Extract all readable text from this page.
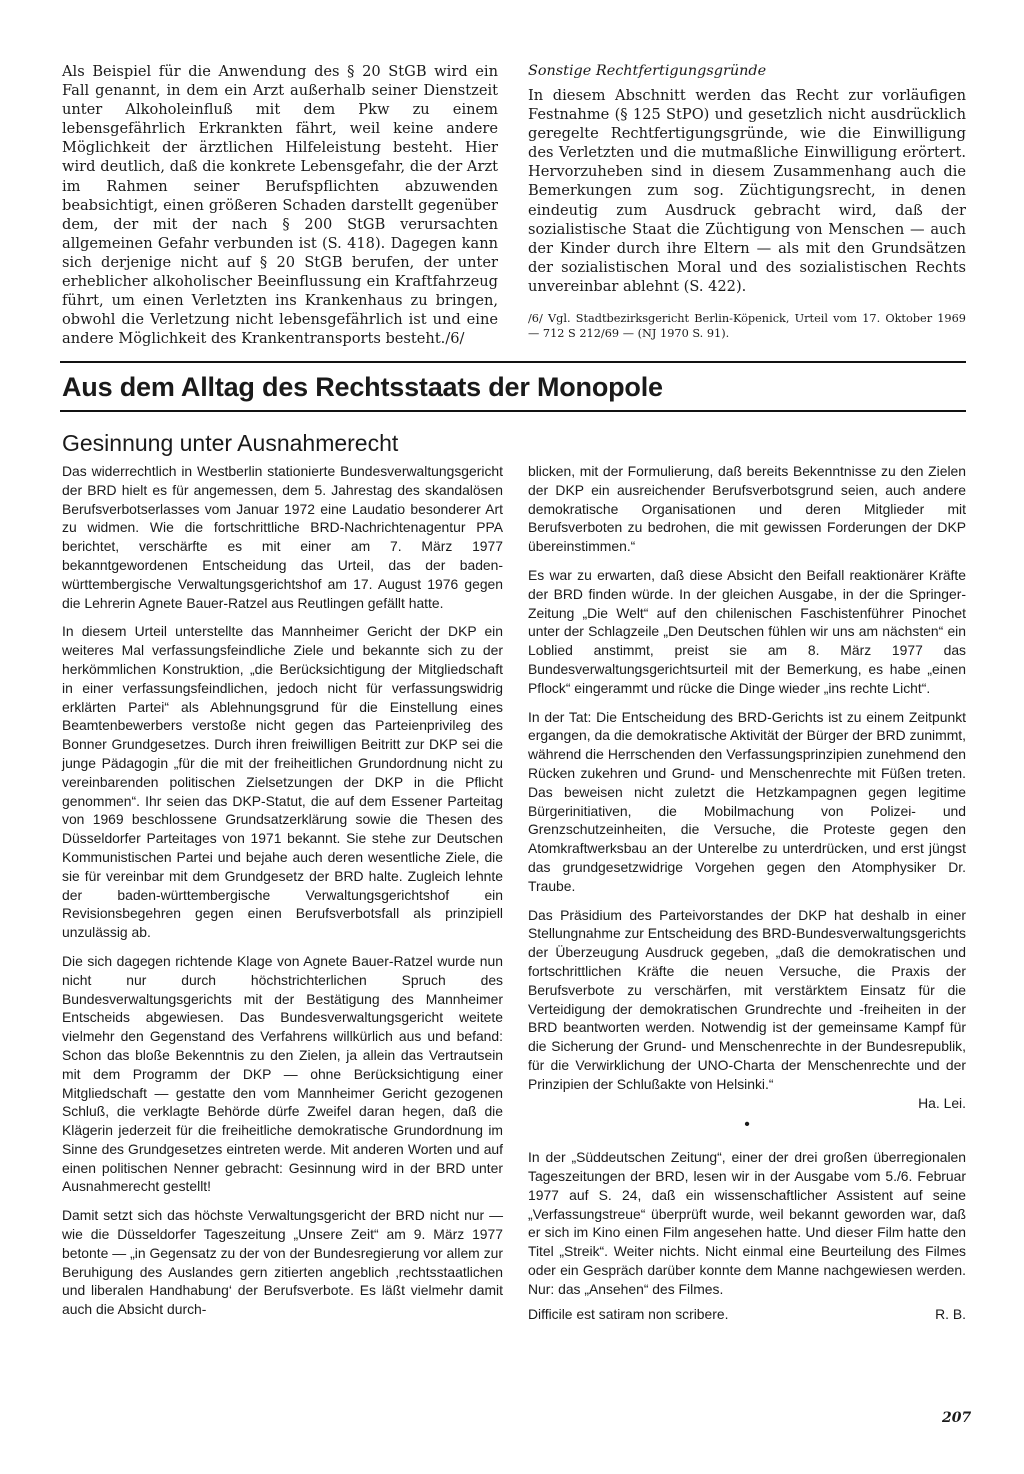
Als Beispiel für die Anwendung des § 20 StGB wird ein Fall genannt, in dem ein Arzt außerhalb seiner Dienstzeit unter Alkoholeinfluß mit dem Pkw zu einem lebensgefährlich Erkrankten fährt, weil keine andere Möglichkeit der ärztlichen Hilfeleistung besteht. Hier wird deutlich, daß die konkrete Lebensgefahr, die der Arzt im Rahmen seiner Berufspflichten abzuwenden beabsichtigt, einen größeren Schaden darstellt gegenüber dem, der mit der nach § 200 StGB verursachten allgemeinen Gefahr verbunden ist (S. 418). Dagegen kann sich derjenige nicht auf § 20 StGB berufen, der unter erheblicher alkoholischer Beeinflussung ein Kraftfahrzeug führt, um einen Verletzten ins Krankenhaus zu bringen, obwohl die Verletzung nicht lebensgefährlich ist und eine andere Möglichkeit des Krankentransports besteht./6/

Sonstige Rechtfertigungsgründe

In diesem Abschnitt werden das Recht zur vorläufigen Festnahme (§ 125 StPO) und gesetzlich nicht ausdrücklich geregelte Rechtfertigungsgründe, wie die Einwilligung des Verletzten und die mutmaßliche Einwilligung erörtert. Hervorzuheben sind in diesem Zusammenhang auch die Bemerkungen zum sog. Züchtigungsrecht, in denen eindeutig zum Ausdruck gebracht wird, daß der sozialistische Staat die Züchtigung von Menschen — auch der Kinder durch ihre Eltern — als mit den Grundsätzen der sozialistischen Moral und des sozialistischen Rechts unvereinbar ablehnt (S. 422).

/6/ Vgl. Stadtbezirksgericht Berlin-Köpenick, Urteil vom 17. Oktober 1969 — 712 S 212/69 — (NJ 1970 S. 91).

Aus dem Alltag des Rechtsstaats der Monopole
Gesinnung unter Ausnahmerecht

Das widerrechtlich in Westberlin stationierte Bundesverwaltungsgericht der BRD hielt es für angemessen, dem 5. Jahrestag des skandalösen Berufsverbotserlasses vom Januar 1972 eine Laudatio besonderer Art zu widmen. Wie die fortschrittliche BRD-Nachrichtenagentur PPA berichtet, verschärfte es mit einer am 7. März 1977 bekanntgewordenen Entscheidung das Urteil, das der baden-württembergische Verwaltungsgerichtshof am 17. August 1976 gegen die Lehrerin Agnete Bauer-Ratzel aus Reutlingen gefällt hatte.

In diesem Urteil unterstellte das Mannheimer Gericht der DKP ein weiteres Mal verfassungsfeindliche Ziele und bekannte sich zu der herkömmlichen Konstruktion, „die Berücksichtigung der Mitgliedschaft in einer verfassungsfeindlichen, jedoch nicht für verfassungswidrig erklärten Partei“ als Ablehnungsgrund für die Einstellung eines Beamtenbewerbers verstoße nicht gegen das Parteienprivileg des Bonner Grundgesetzes. Durch ihren freiwilligen Beitritt zur DKP sei die junge Pädagogin „für die mit der freiheitlichen Grundordnung nicht zu vereinbarenden politischen Zielsetzungen der DKP in die Pflicht genommen“. Ihr seien das DKP-Statut, die auf dem Essener Parteitag von 1969 beschlossene Grundsatzerklärung sowie die Thesen des Düsseldorfer Parteitages von 1971 bekannt. Sie stehe zur Deutschen Kommunistischen Partei und bejahe auch deren wesentliche Ziele, die sie für vereinbar mit dem Grundgesetz der BRD halte. Zugleich lehnte der baden-württembergische Verwaltungsgerichtshof ein Revisionsbegehren gegen einen Berufsverbotsfall als prinzipiell unzulässig ab.

Die sich dagegen richtende Klage von Agnete Bauer-Ratzel wurde nun nicht nur durch höchstrichterlichen Spruch des Bundesverwaltungsgerichts mit der Bestätigung des Mannheimer Entscheids abgewiesen. Das Bundesverwaltungsgericht weitete vielmehr den Gegenstand des Verfahrens willkürlich aus und befand: Schon das bloße Bekenntnis zu den Zielen, ja allein das Vertrautsein mit dem Programm der DKP — ohne Berücksichtigung einer Mitgliedschaft — gestatte den vom Mannheimer Gericht gezogenen Schluß, die verklagte Behörde dürfe Zweifel daran hegen, daß die Klägerin jederzeit für die freiheitliche demokratische Grundordnung im Sinne des Grundgesetzes eintreten werde. Mit anderen Worten und auf einen politischen Nenner gebracht: Gesinnung wird in der BRD unter Ausnahmerecht gestellt!

Damit setzt sich das höchste Verwaltungsgericht der BRD nicht nur — wie die Düsseldorfer Tageszeitung „Unsere Zeit“ am 9. März 1977 betonte — „in Gegensatz zu der von der Bundesregierung vor allem zur Beruhigung des Auslandes gern zitierten angeblich ‚rechtsstaatlichen und liberalen Handhabung‘ der Berufsverbote. Es läßt vielmehr damit auch die Absicht durch-

blicken, mit der Formulierung, daß bereits Bekenntnisse zu den Zielen der DKP ein ausreichender Berufsverbotsgrund seien, auch andere demokratische Organisationen und deren Mitglieder mit Berufsverboten zu bedrohen, die mit gewissen Forderungen der DKP übereinstimmen.“

Es war zu erwarten, daß diese Absicht den Beifall reaktionärer Kräfte der BRD finden würde. In der gleichen Ausgabe, in der die Springer-Zeitung „Die Welt“ auf den chilenischen Faschistenführer Pinochet unter der Schlagzeile „Den Deutschen fühlen wir uns am nächsten“ ein Loblied anstimmt, preist sie am 8. März 1977 das Bundesverwaltungsgerichtsurteil mit der Bemerkung, es habe „einen Pflock“ eingerammt und rücke die Dinge wieder „ins rechte Licht“.

In der Tat: Die Entscheidung des BRD-Gerichts ist zu einem Zeitpunkt ergangen, da die demokratische Aktivität der Bürger der BRD zunimmt, während die Herrschenden den Verfassungsprinzipien zunehmend den Rücken zukehren und Grund- und Menschenrechte mit Füßen treten. Das beweisen nicht zuletzt die Hetzkampagnen gegen legitime Bürgerinitiativen, die Mobilmachung von Polizei- und Grenzschutzeinheiten, die Versuche, die Proteste gegen den Atomkraftwerksbau an der Unterelbe zu unterdrücken, und erst jüngst das grundgesetzwidrige Vorgehen gegen den Atomphysiker Dr. Traube.

Das Präsidium des Parteivorstandes der DKP hat deshalb in einer Stellungnahme zur Entscheidung des BRD-Bundesverwaltungsgerichts der Überzeugung Ausdruck gegeben, „daß die demokratischen und fortschrittlichen Kräfte die neuen Versuche, die Praxis der Berufsverbote zu verschärfen, mit verstärktem Einsatz für die Verteidigung der demokratischen Grundrechte und -freiheiten in der BRD beantworten werden. Notwendig ist der gemeinsame Kampf für die Sicherung der Grund- und Menschenrechte in der Bundesrepublik, für die Verwirklichung der UNO-Charta der Menschenrechte und der Prinzipien der Schlußakte von Helsinki.“

Ha. Lei.
•

In der „Süddeutschen Zeitung“, einer der drei großen überregionalen Tageszeitungen der BRD, lesen wir in der Ausgabe vom 5./6. Februar 1977 auf S. 24, daß ein wissenschaftlicher Assistent auf seine „Verfassungstreue“ überprüft wurde, weil bekannt geworden war, daß er sich im Kino einen Film angesehen hatte. Und dieser Film hatte den Titel „Streik“. Weiter nichts. Nicht einmal eine Beurteilung des Filmes oder ein Gespräch darüber konnte dem Manne nachgewiesen werden. Nur: das „Ansehen“ des Filmes.

Difficile est satiram non scribere.	R. B.
207
